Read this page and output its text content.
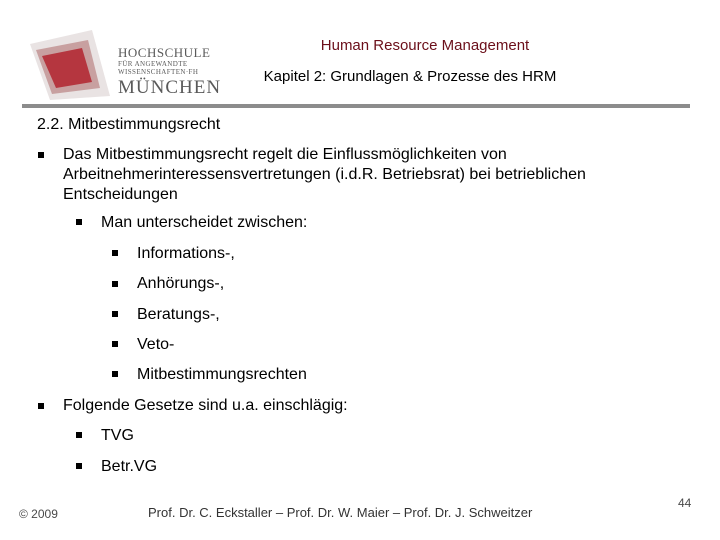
HOCHSCHULE
FÜR ANGEWANDTE
WISSENSCHAFTEN·FH
MÜNCHEN
Human Resource Management
Kapitel 2: Grundlagen & Prozesse des HRM
2.2. Mitbestimmungsrecht
Das Mitbestimmungsrecht regelt die Einflussmöglichkeiten von Arbeitnehmerinteressensvertretungen (i.d.R. Betriebsrat) bei betrieblichen Entscheidungen
Man unterscheidet zwischen:
Informations-,
Anhörungs-,
Beratungs-,
Veto-
Mitbestimmungsrechten
Folgende Gesetze sind u.a. einschlägig:
TVG
Betr.VG
© 2009	Prof. Dr. C. Eckstaller – Prof. Dr. W. Maier – Prof. Dr. J. Schweitzer
44
